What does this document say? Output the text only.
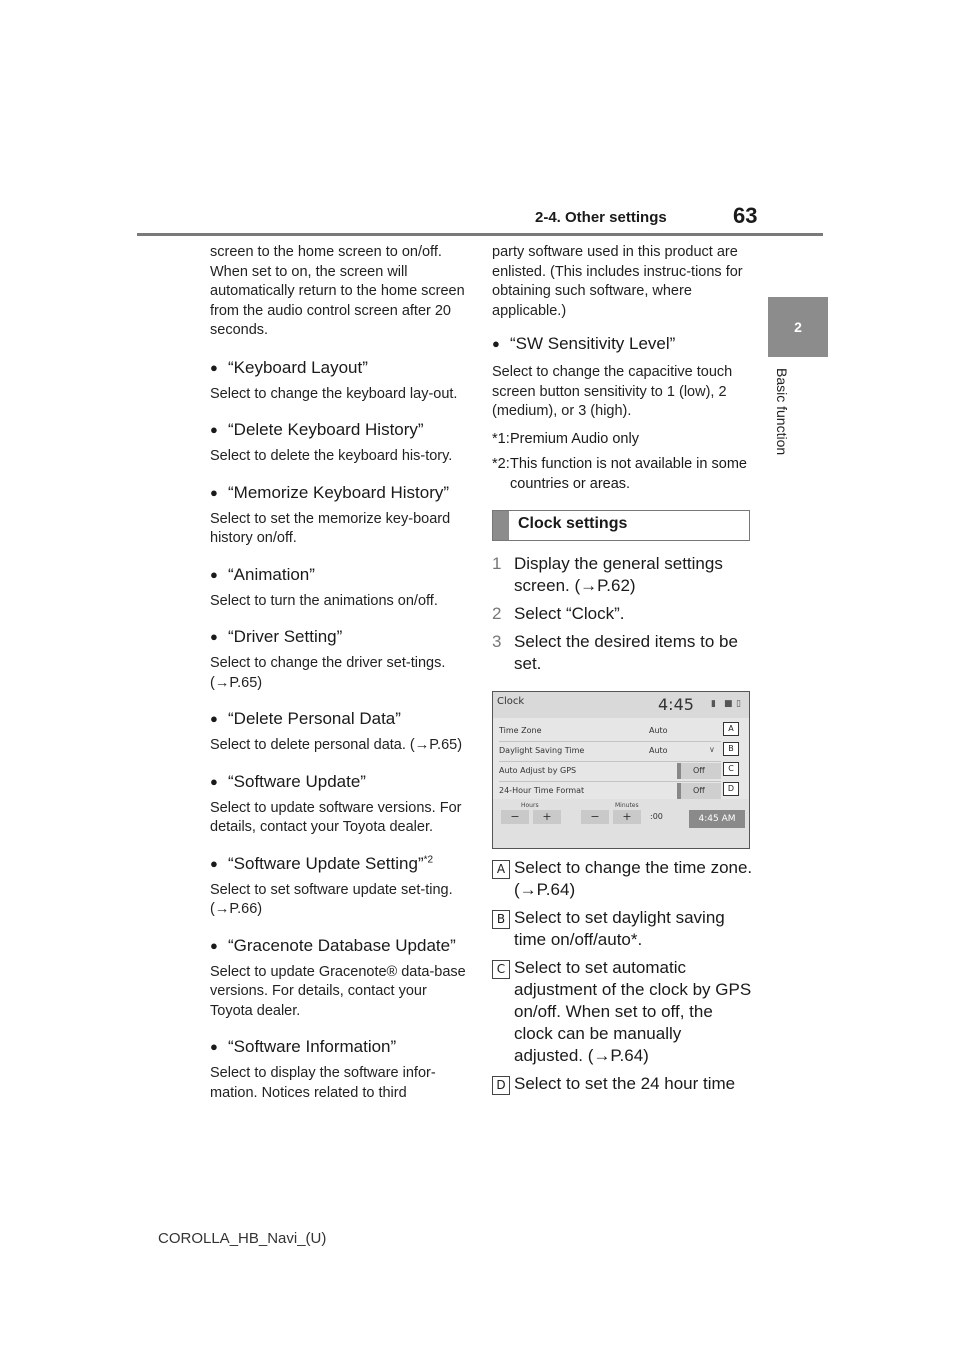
2-4. Other settings	63
2
Basic function

screen to the home screen to on/off. When set to on, the screen will automatically return to the home screen from the audio control screen after 20 seconds.

● “Keyboard Layout”

Select to change the keyboard lay-out.

● “Delete Keyboard History”

Select to delete the keyboard his-tory.

● “Memorize Keyboard History”

Select to set the memorize key-board history on/off.

● “Animation”

Select to turn the animations on/off.

● “Driver Setting”

Select to change the driver set-tings. (→P.65)

● “Delete Personal Data”

Select to delete personal data. (→P.65)

● “Software Update”

Select to update software versions. For details, contact your Toyota dealer.

● “Software Update Setting”$^{*2}$

Select to set software update set-ting. (→P.66)

● “Gracenote Database Update”

Select to update Gracenote® data-base versions. For details, contact your Toyota dealer.

● “Software Information”

Select to display the software infor-mation. Notices related to third

party software used in this product are enlisted. (This includes instruc-tions for obtaining such software, where applicable.)

● “SW Sensitivity Level”

Select to change the capacitive touch screen button sensitivity to 1 (low), 2 (medium), or 3 (high).

*1: Premium Audio only

*2: This function is not available in some countries or areas.

Clock settings

1 Display the general settings screen. (→P.62)

2 Select “Clock”.

3 Select the desired items to be set.

Clock	4:45 ▮ ■ ▯
Time Zone	Auto
Daylight Saving Time	Auto	∨
Auto Adjust by GPS	Off
24-Hour Time Format	Off
A
B
C
D
Hours	Minutes
−	+	−	+	:00	4:45 AM

A Select to change the time zone. (→P.64)

B Select to set daylight saving time on/off/auto*.

C Select to set automatic adjustment of the clock by GPS on/off. When set to off, the clock can be manually adjusted. (→P.64)

D Select to set the 24 hour time

COROLLA_HB_Navi_(U)
